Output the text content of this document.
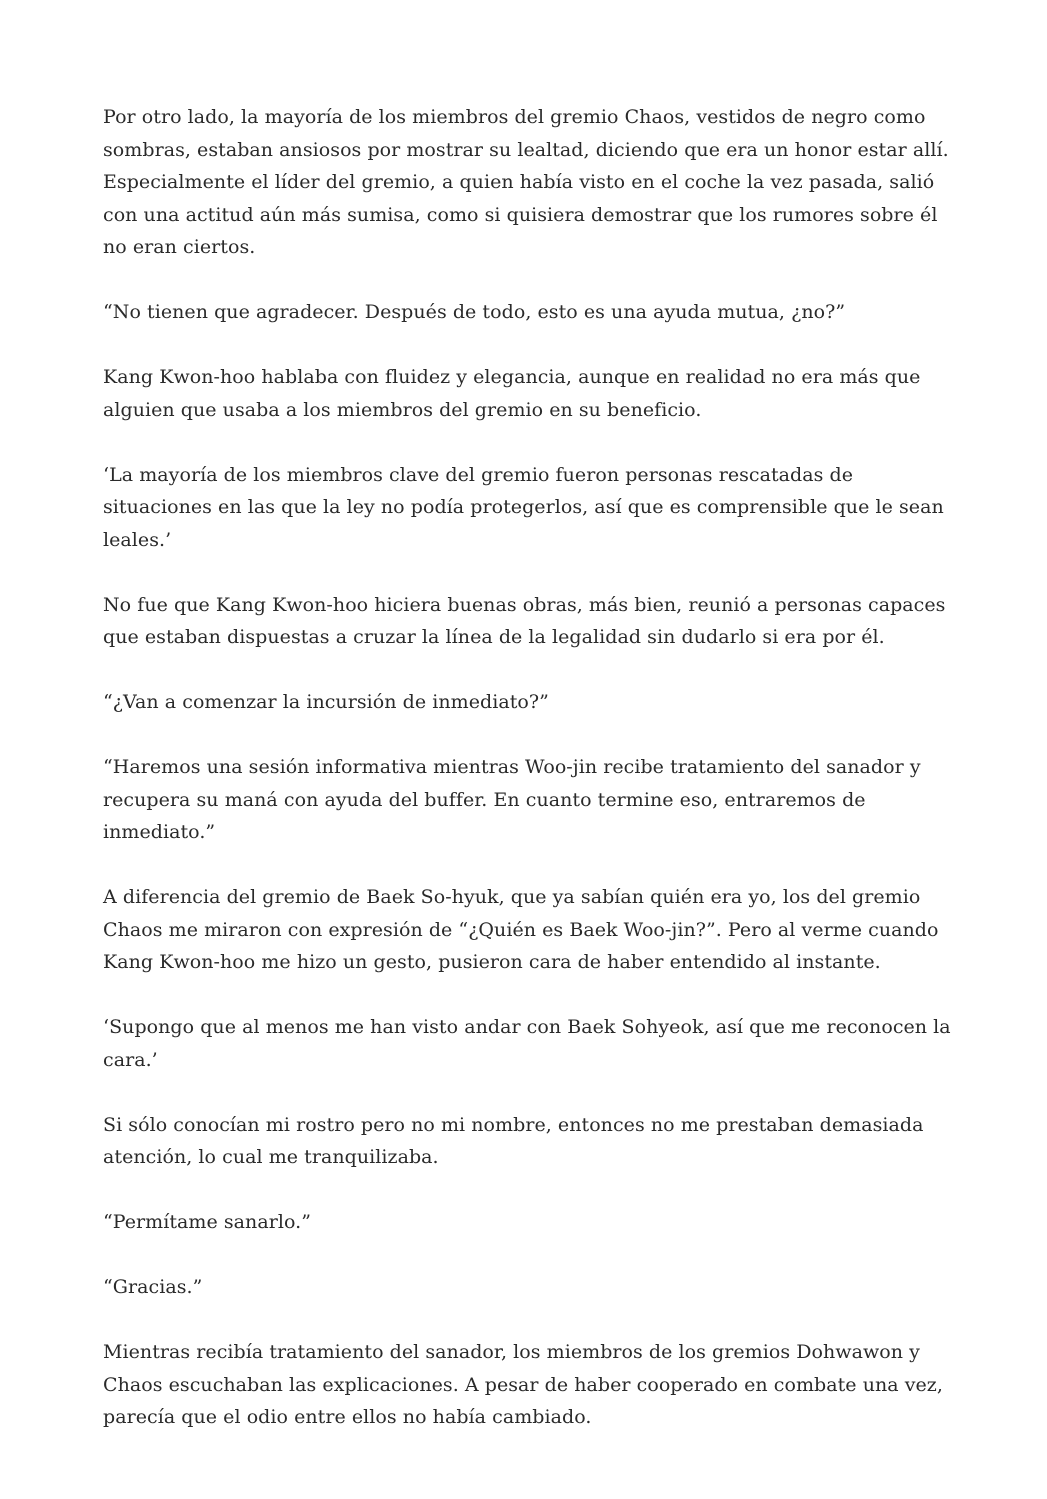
Por otro lado, la mayoría de los miembros del gremio Chaos, vestidos de negro como sombras, estaban ansiosos por mostrar su lealtad, diciendo que era un honor estar allí. Especialmente el líder del gremio, a quien había visto en el coche la vez pasada, salió con una actitud aún más sumisa, como si quisiera demostrar que los rumores sobre él no eran ciertos.

“No tienen que agradecer. Después de todo, esto es una ayuda mutua, ¿no?”

Kang Kwon-hoo hablaba con fluidez y elegancia, aunque en realidad no era más que alguien que usaba a los miembros del gremio en su beneficio.

‘La mayoría de los miembros clave del gremio fueron personas rescatadas de situaciones en las que la ley no podía protegerlos, así que es comprensible que le sean leales.’

No fue que Kang Kwon-hoo hiciera buenas obras, más bien, reunió a personas capaces que estaban dispuestas a cruzar la línea de la legalidad sin dudarlo si era por él.

“¿Van a comenzar la incursión de inmediato?”

“Haremos una sesión informativa mientras Woo-jin recibe tratamiento del sanador y recupera su maná con ayuda del buffer. En cuanto termine eso, entraremos de inmediato.”

A diferencia del gremio de Baek So-hyuk, que ya sabían quién era yo, los del gremio Chaos me miraron con expresión de “¿Quién es Baek Woo-jin?”. Pero al verme cuando Kang Kwon-hoo me hizo un gesto, pusieron cara de haber entendido al instante.

‘Supongo que al menos me han visto andar con Baek Sohyeok, así que me reconocen la cara.’

Si sólo conocían mi rostro pero no mi nombre, entonces no me prestaban demasiada atención, lo cual me tranquilizaba.

“Permítame sanarlo.”

“Gracias.”

Mientras recibía tratamiento del sanador, los miembros de los gremios Dohwawon y Chaos escuchaban las explicaciones. A pesar de haber cooperado en combate una vez, parecía que el odio entre ellos no había cambiado.
